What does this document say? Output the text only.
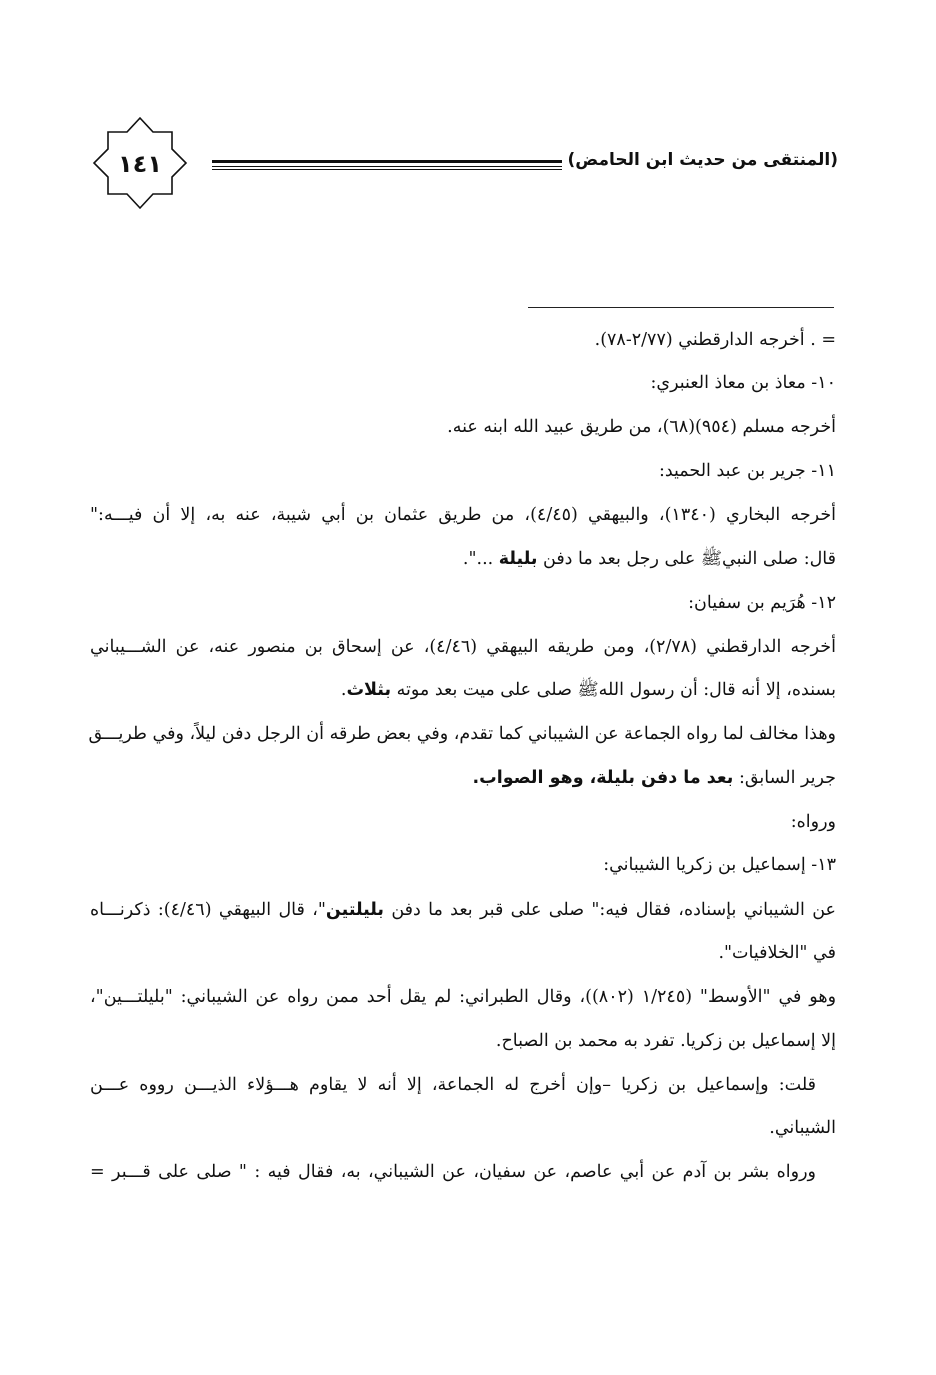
(المنتقى من حديث ابن الحامض)
١٤١
= . أخرجه الدارقطني (٢/٧٧-٧٨).
١٠- معاذ بن معاذ العنبري:
أخرجه مسلم (٩٥٤)(٦٨)، من طريق عبيد الله ابنه عنه.
١١- جرير بن عبد الحميد:
أخرجه البخاري (١٣٤٠)، والبيهقي (٤/٤٥)، من طريق عثمان بن أبي شيبة، عنه به، إلا أن فيـــه:"
قال: صلى النبيﷺ على رجل بعد ما دفن بليلة ...".
١٢- هُرَيم بن سفيان:
أخرجه الدارقطني (٢/٧٨)، ومن طريقه البيهقي (٤/٤٦)، عن إسحاق بن منصور عنه، عن الشـــيباني
بسنده، إلا أنه قال: أن رسول اللهﷺ صلى على ميت بعد موته بثلاث.
وهذا مخالف لما رواه الجماعة عن الشيباني كما تقدم، وفي بعض طرقه أن الرجل دفن ليلاً، وفي طريـــق
جرير السابق: بعد ما دفن بليلة، وهو الصواب.
ورواه:
١٣- إسماعيل بن زكريا الشيباني:
عن الشيباني بإسناده، فقال فيه:" صلى على قبر بعد ما دفن بليلتين"، قال البيهقي (٤/٤٦): ذكرنـــاه
في "الخلافيات".
وهو في "الأوسط" (١/٢٤٥ (٨٠٢))، وقال الطبراني: لم يقل أحد ممن رواه عن الشيباني: "بليلتـــين"،
إلا إسماعيل بن زكريا. تفرد به محمد بن الصباح.
قلت: وإسماعيل بن زكريا –وإن أخرج له الجماعة، إلا أنه لا يقاوم هـــؤلاء الذيـــن رووه عـــن
الشيباني.
ورواه بشر بن آدم عن أبي عاصم، عن سفيان، عن الشيباني، به، فقال فيه : " صلى على قـــبر =
